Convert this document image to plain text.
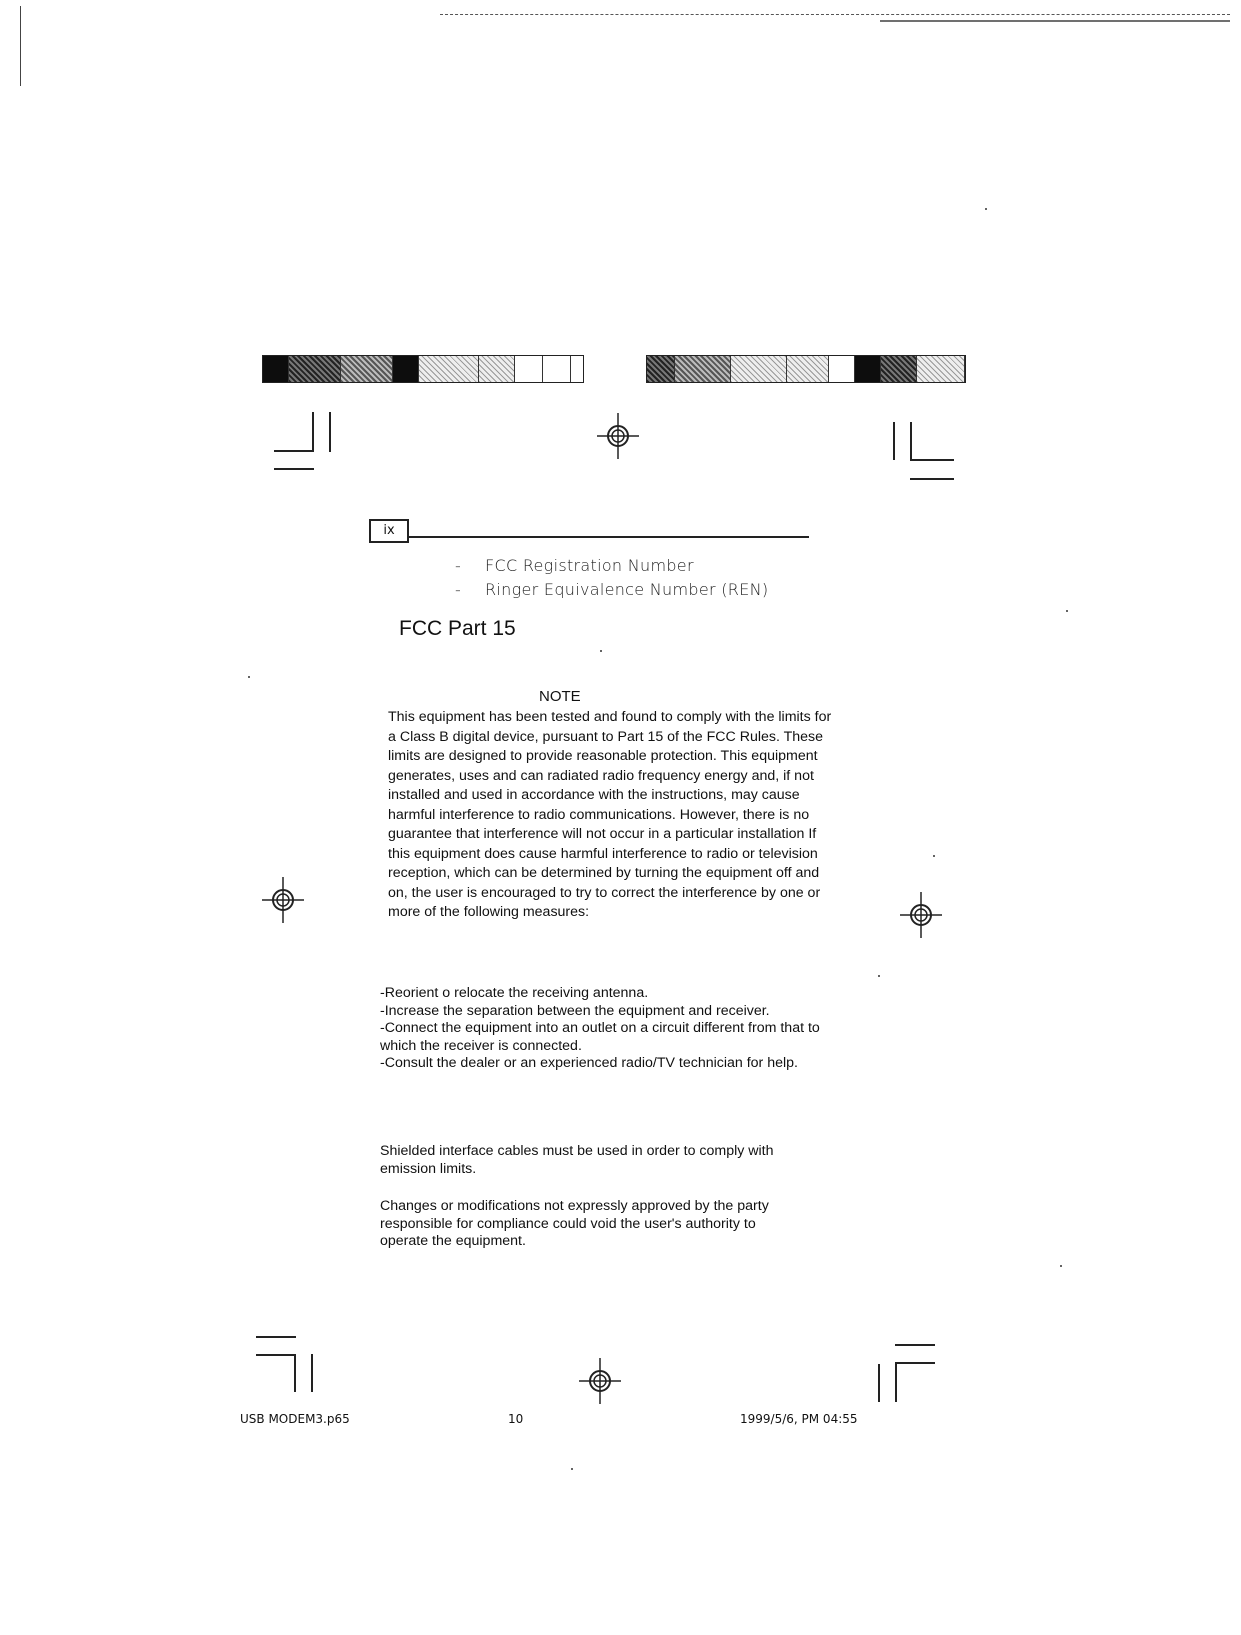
ix
- FCC Registration Number
- Ringer Equivalence Number (REN)
FCC Part 15
NOTE

This equipment has been tested and found to comply with the limits for a Class B digital device, pursuant to Part 15 of the FCC Rules. These limits are designed to provide reasonable protection. This equipment generates, uses and can radiated radio frequency energy and, if not installed and used in accordance with the instructions, may cause harmful interference to radio communications. However, there is no guarantee that interference will not occur in a particular installation If this equipment does cause harmful interference to radio or television reception, which can be determined by turning the equipment off and on, the user is encouraged to try to correct the interference by one or more of the following measures:

-Reorient o relocate the receiving antenna.
-Increase the separation between the equipment and receiver.
-Connect the equipment into an outlet on a circuit different from that to which the receiver is connected.
-Consult the dealer or an experienced radio/TV technician for help.
Shielded interface cables must be used in order to comply with emission limits.
Changes or modifications not expressly approved by the party responsible for compliance could void the user's authority to operate the equipment.
USB MODEM3.p65	10	1999/5/6, PM 04:55
